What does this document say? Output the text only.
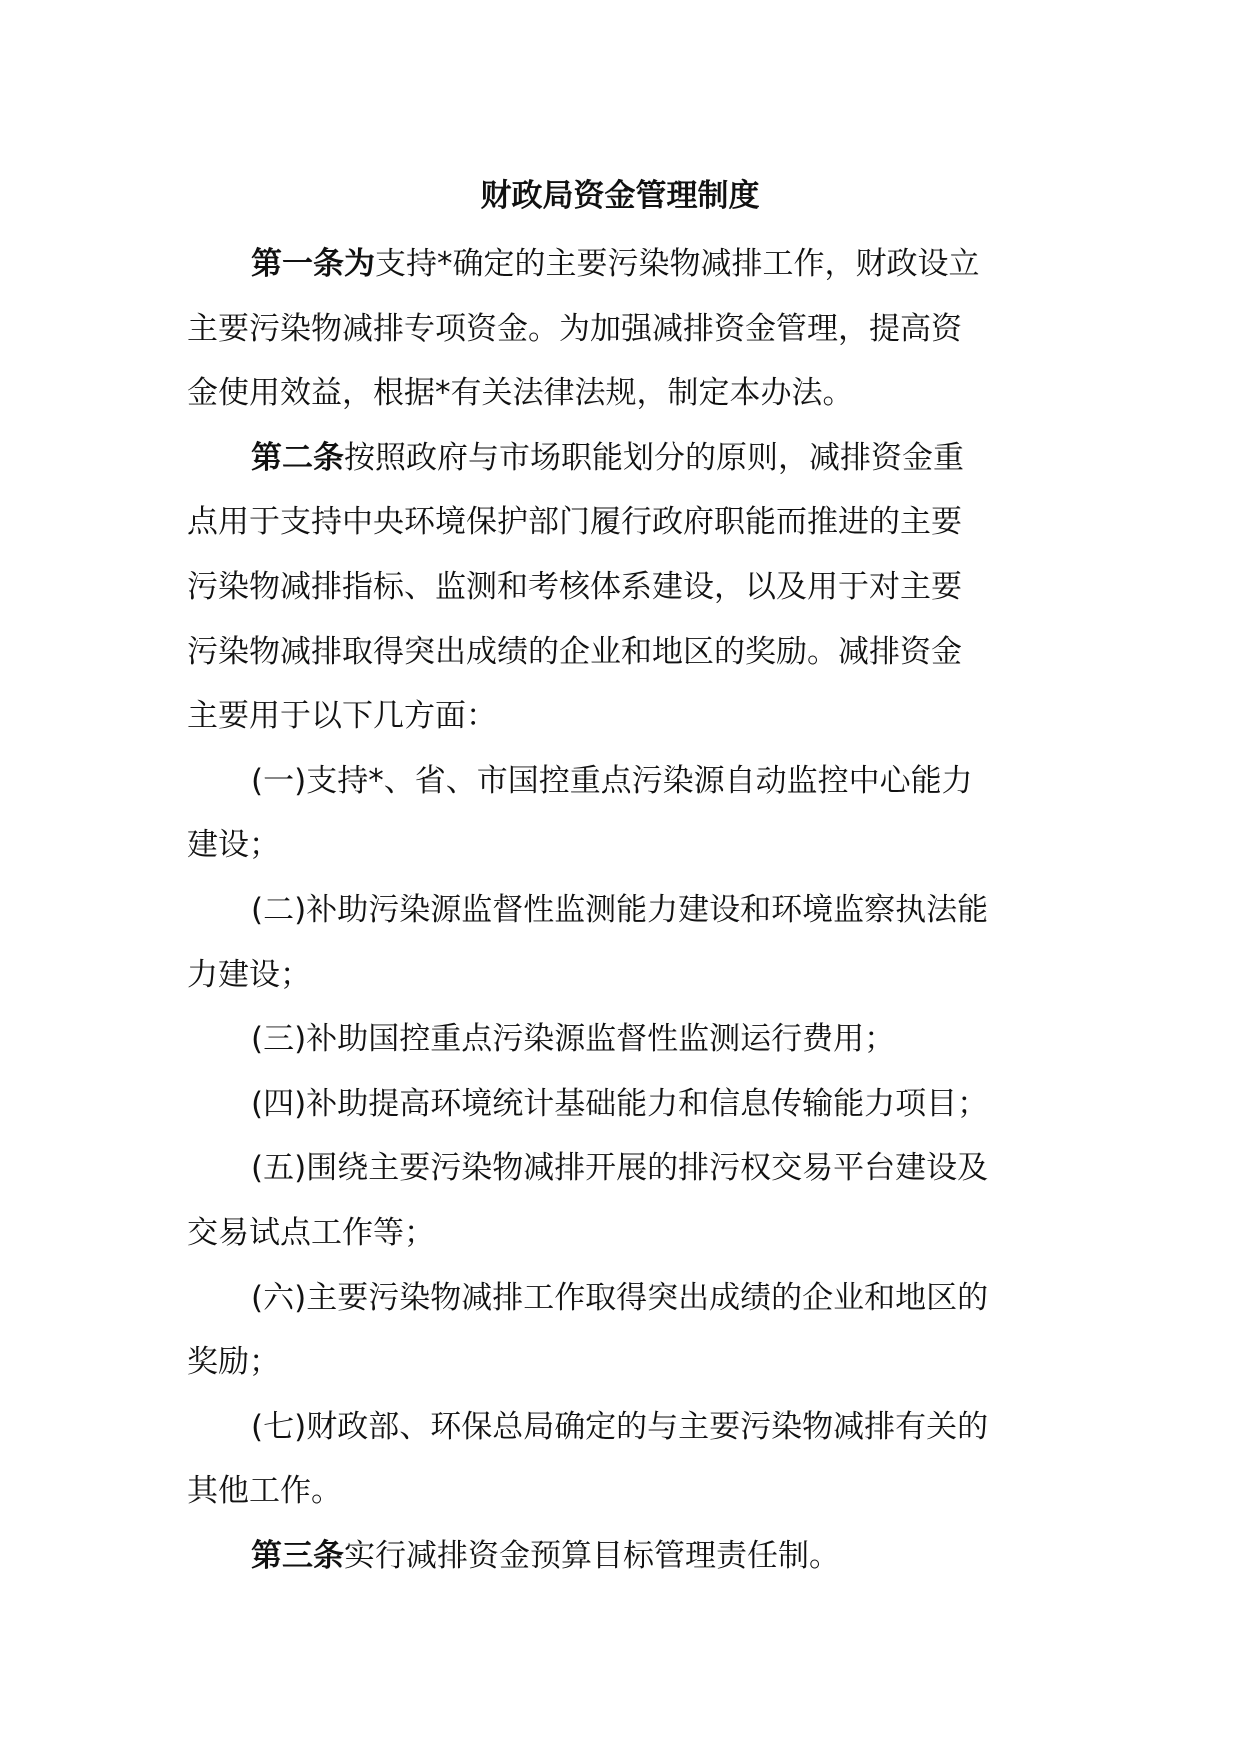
财政局资金管理制度
第一条为支持*确定的主要污染物减排工作，财政设立
主要污染物减排专项资金。为加强减排资金管理，提高资
金使用效益，根据*有关法律法规，制定本办法。
第二条按照政府与市场职能划分的原则，减排资金重
点用于支持中央环境保护部门履行政府职能而推进的主要
污染物减排指标、监测和考核体系建设，以及用于对主要
污染物减排取得突出成绩的企业和地区的奖励。减排资金
主要用于以下几方面：
(一)支持*、省、市国控重点污染源自动监控中心能力
建设；
(二)补助污染源监督性监测能力建设和环境监察执法能
力建设；
(三)补助国控重点污染源监督性监测运行费用；
(四)补助提高环境统计基础能力和信息传输能力项目；
(五)围绕主要污染物减排开展的排污权交易平台建设及
交易试点工作等；
(六)主要污染物减排工作取得突出成绩的企业和地区的
奖励；
(七)财政部、环保总局确定的与主要污染物减排有关的
其他工作。
第三条实行减排资金预算目标管理责任制。
